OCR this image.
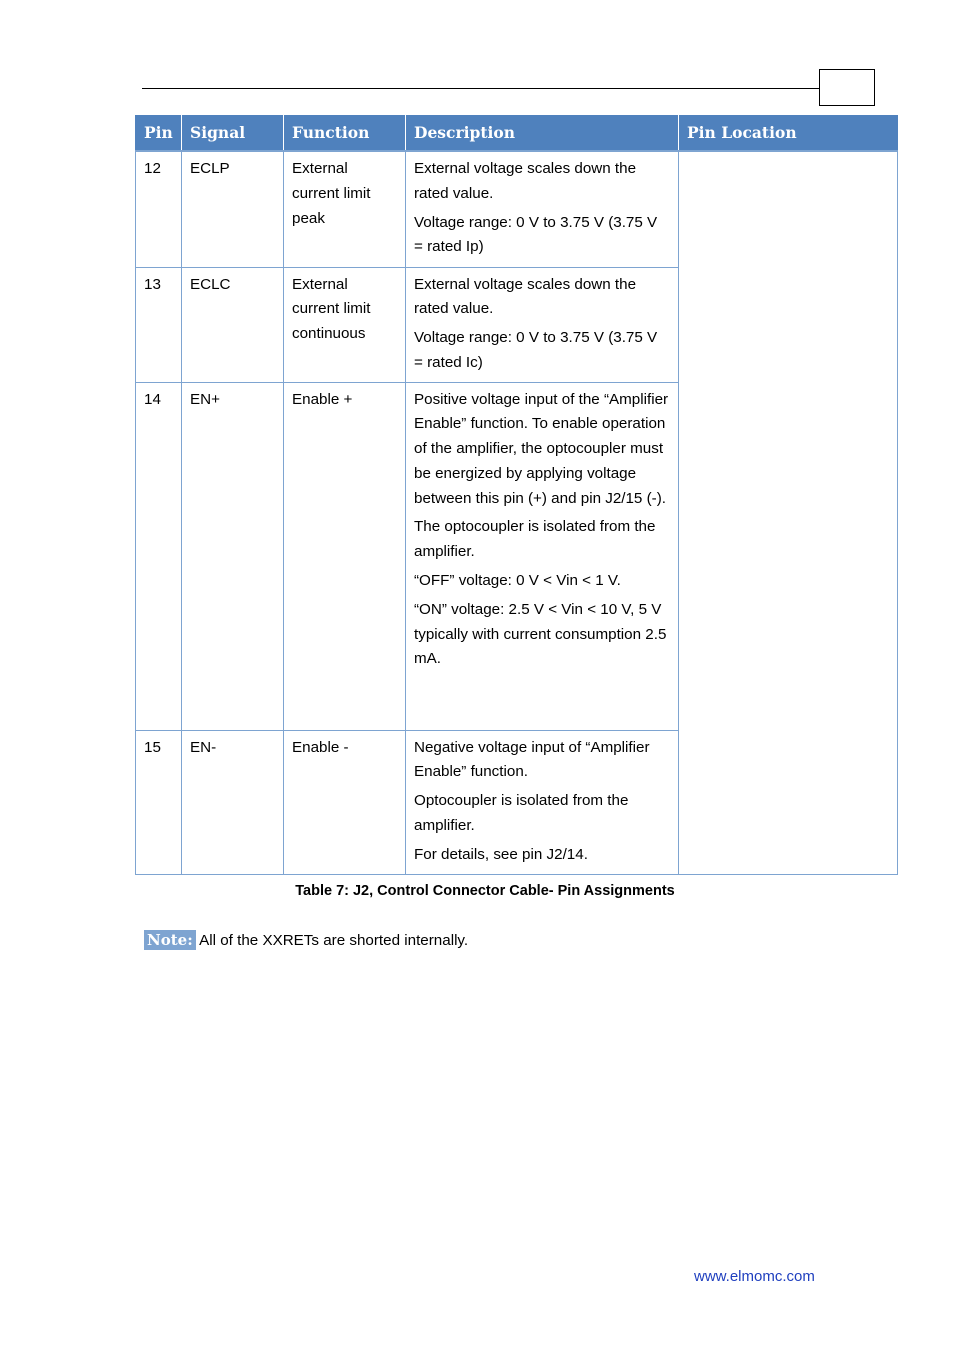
Pin	Signal	Function	Description	Pin Location
12	ECLP	External current limit peak	External voltage scales down the rated value.
Voltage range: 0 V to 3.75 V (3.75 V = rated Ip)	

13	ECLC	External current limit continuous	External voltage scales down the rated value.
Voltage range: 0 V to 3.75 V (3.75 V = rated Ic)	

14	EN+	Enable +	Positive voltage input of the “Amplifier Enable” function. To enable operation of the amplifier, the optocoupler must be energized by applying voltage between this pin (+) and pin J2/15 (-).
The optocoupler is isolated from the amplifier.
“OFF” voltage: 0 V < Vin < 1 V.
“ON” voltage: 2.5 V < Vin < 10 V, 5 V typically with current consumption 2.5 mA.	

15	EN-	Enable -	Negative voltage input of “Amplifier Enable” function.
Optocoupler is isolated from the amplifier.
For details, see pin J2/14.	
Table 7: J2, Control Connector Cable- Pin Assignments
Note: All of the XXRETs are shorted internally.
www.elmomc.com
